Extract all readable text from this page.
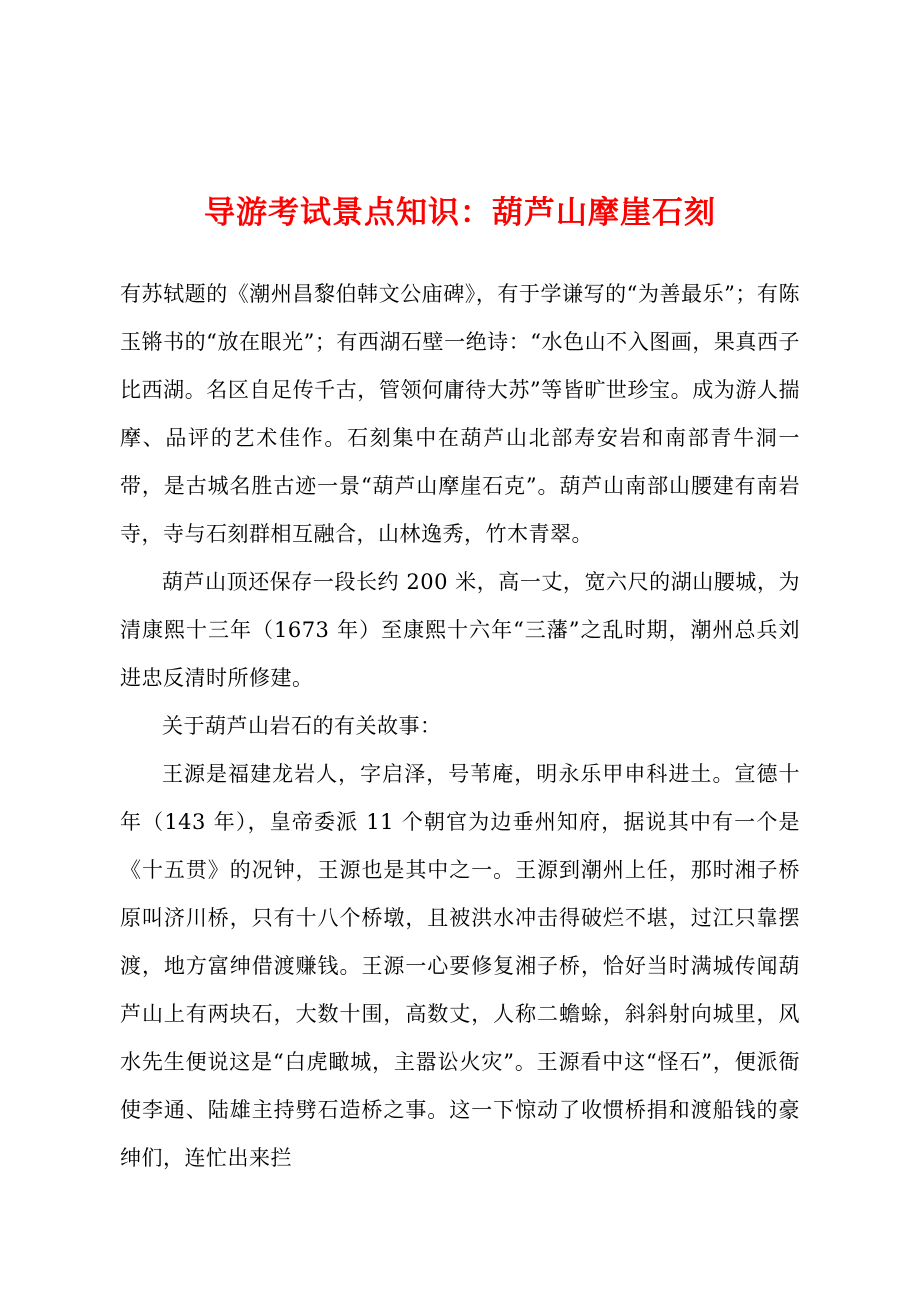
导游考试景点知识：葫芦山摩崖石刻

有苏轼题的《潮州昌黎伯韩文公庙碑》，有于学谦写的“为善最乐”；有陈玉锵书的“放在眼光”；有西湖石壁一绝诗：“水色山不入图画，果真西子比西湖。名区自足传千古，管领何庸待大苏”等皆旷世珍宝。成为游人揣摩、品评的艺术佳作。石刻集中在葫芦山北部寿安岩和南部青牛洞一带，是古城名胜古迹一景“葫芦山摩崖石克”。葫芦山南部山腰建有南岩寺，寺与石刻群相互融合，山林逸秀，竹木青翠。

葫芦山顶还保存一段长约 200 米，高一丈，宽六尺的湖山腰城，为清康熙十三年（1673 年）至康熙十六年“三藩”之乱时期，潮州总兵刘进忠反清时所修建。

关于葫芦山岩石的有关故事：

王源是福建龙岩人，字启泽，号苇庵，明永乐甲申科进土。宣德十年（143 年），皇帝委派 11 个朝官为边垂州知府，据说其中有一个是《十五贯》的况钟，王源也是其中之一。王源到潮州上任，那时湘子桥原叫济川桥，只有十八个桥墩，且被洪水冲击得破烂不堪，过江只靠摆渡，地方富绅借渡赚钱。王源一心要修复湘子桥，恰好当时满城传闻葫芦山上有两块石，大数十围，高数丈，人称二蟾蜍，斜斜射向城里，风水先生便说这是“白虎瞰城，主嚣讼火灾”。王源看中这“怪石”，便派衙使李通、陆雄主持劈石造桥之事。这一下惊动了收惯桥捐和渡船钱的豪绅们，连忙出来拦
